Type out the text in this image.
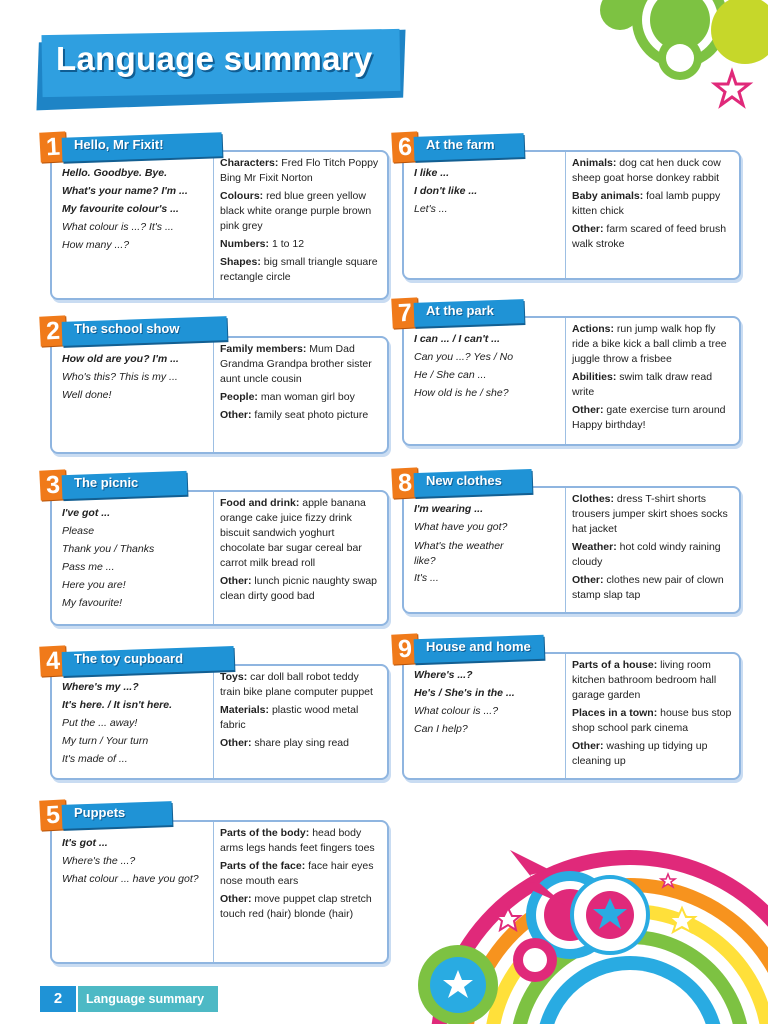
Language summary
Hello. Goodbye. Bye.
What's your name? I'm ...
My favourite colour's ...
What colour is ...? It's ...
How many ...?
Characters: Fred Flo Titch Poppy Bing Mr Fixit Norton
Colours: red blue green yellow black white orange purple brown pink grey
Numbers: 1 to 12
Shapes: big small triangle square rectangle circle
1	Hello, Mr Fixit!
How old are you? I'm ...
Who's this? This is my ...
Well done!
Family members: Mum Dad Grandma Grandpa brother sister aunt uncle cousin
People: man woman girl boy
Other: family seat photo picture
2	The school show
I've got ...
Please
Thank you / Thanks
Pass me ...
Here you are!
My favourite!
Food and drink: apple banana orange cake juice fizzy drink biscuit sandwich yoghurt chocolate bar sugar cereal bar carrot milk bread roll
Other: lunch picnic naughty swap clean dirty good bad
3	The picnic
Where's my ...?
It's here. / It isn't here.
Put the ... away!
My turn / Your turn
It's made of ...
Toys: car doll ball robot teddy train bike plane computer puppet
Materials: plastic wood metal fabric
Other: share play sing read
4	The toy cupboard
It's got ...
Where's the ...?
What colour ... have you got?
Parts of the body: head body arms legs hands feet fingers toes
Parts of the face: face hair eyes nose mouth ears
Other: move puppet clap stretch touch red (hair) blonde (hair)
5	Puppets
I like ...
I don't like ...
Let's ...
Animals: dog cat hen duck cow sheep goat horse donkey rabbit
Baby animals: foal lamb puppy kitten chick
Other: farm scared of feed brush walk stroke
6	At the farm
I can ... / I can't ...
Can you ...? Yes / No
He / She can ...
How old is he / she?
Actions: run jump walk hop fly ride a bike kick a ball climb a tree juggle throw a frisbee
Abilities: swim talk draw read write
Other: gate exercise turn around Happy birthday!
7	At the park
I'm wearing ...
What have you got?
What's the weather
like?
It's ...
Clothes: dress T-shirt shorts trousers jumper skirt shoes socks hat jacket
Weather: hot cold windy raining cloudy
Other: clothes new pair of clown stamp slap tap
8	New clothes
Where's ...?
He's / She's in the ...
What colour is ...?
Can I help?
Parts of a house: living room kitchen bathroom bedroom hall garage garden
Places in a town: house bus stop shop school park cinema
Other: washing up tidying up cleaning up
9	House and home
2	Language summary
